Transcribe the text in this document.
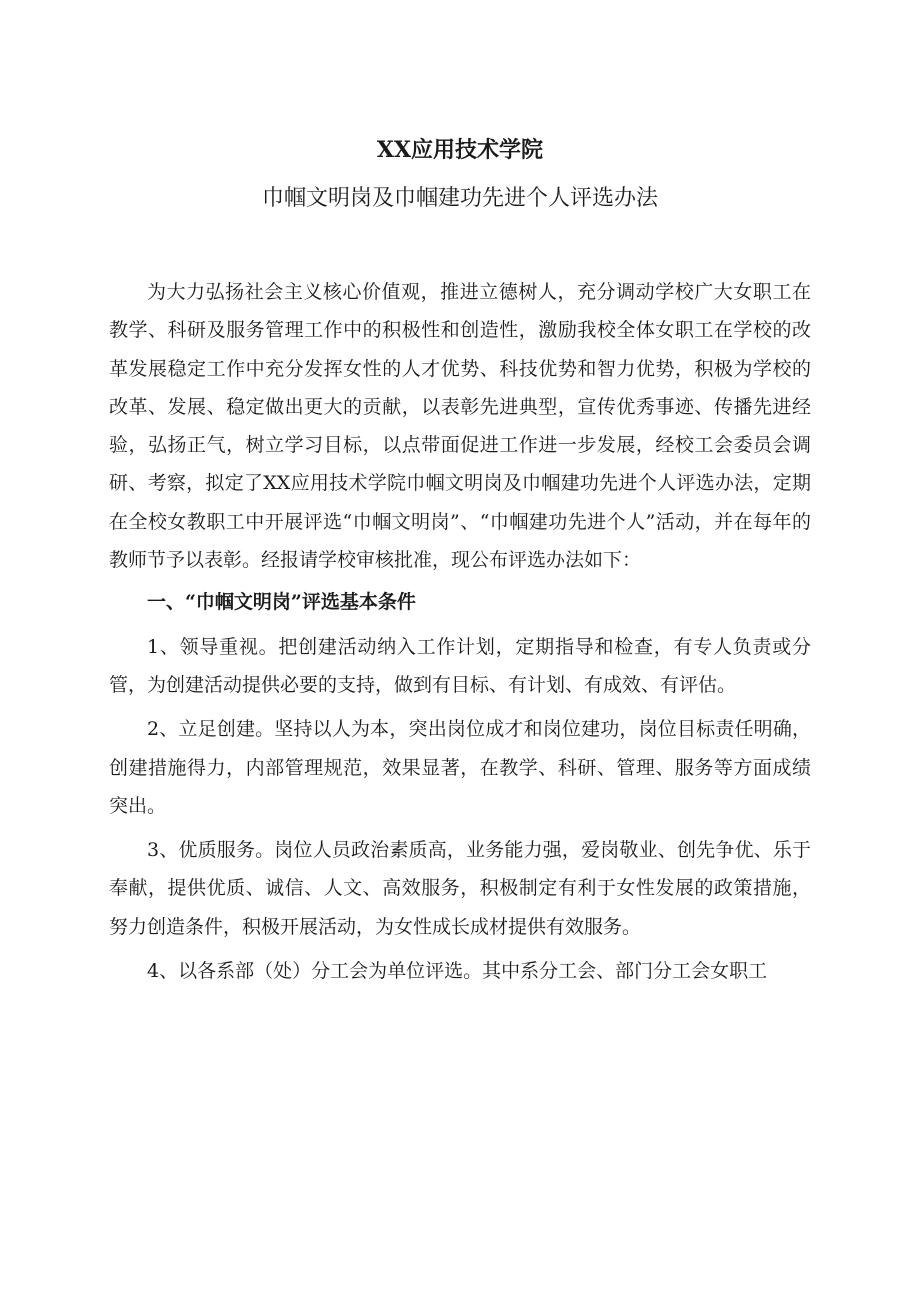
XX应用技术学院
巾帼文明岗及巾帼建功先进个人评选办法

为大力弘扬社会主义核心价值观，推进立德树人，充分调动学校广大女职工在教学、科研及服务管理工作中的积极性和创造性，激励我校全体女职工在学校的改革发展稳定工作中充分发挥女性的人才优势、科技优势和智力优势，积极为学校的改革、发展、稳定做出更大的贡献，以表彰先进典型，宣传优秀事迹、传播先进经验，弘扬正气，树立学习目标，以点带面促进工作进一步发展，经校工会委员会调研、考察，拟定了XX应用技术学院巾帼文明岗及巾帼建功先进个人评选办法，定期在全校女教职工中开展评选“巾帼文明岗”、“巾帼建功先进个人”活动，并在每年的教师节予以表彰。经报请学校审核批准，现公布评选办法如下：

一、“巾帼文明岗”评选基本条件

1、领导重视。把创建活动纳入工作计划，定期指导和检查，有专人负责或分管，为创建活动提供必要的支持，做到有目标、有计划、有成效、有评估。

2、立足创建。坚持以人为本，突出岗位成才和岗位建功，岗位目标责任明确，创建措施得力，内部管理规范，效果显著，在教学、科研、管理、服务等方面成绩突出。

3、优质服务。岗位人员政治素质高，业务能力强，爱岗敬业、创先争优、乐于奉献，提供优质、诚信、人文、高效服务，积极制定有利于女性发展的政策措施，努力创造条件，积极开展活动，为女性成长成材提供有效服务。

4、以各系部（处）分工会为单位评选。其中系分工会、部门分工会女职工
